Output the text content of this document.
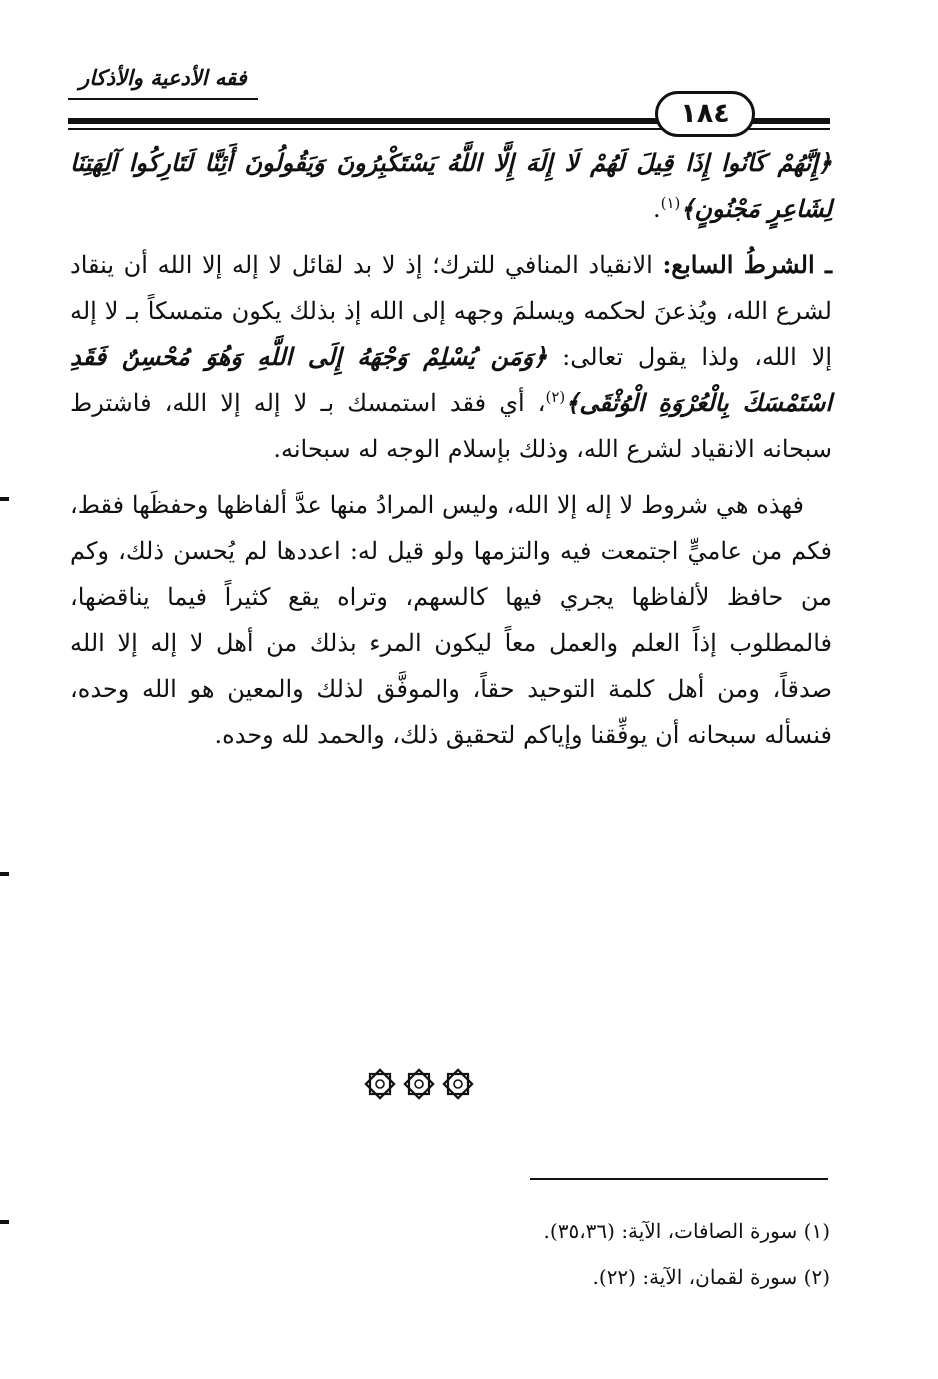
فقه الأدعية والأذكار
١٨٤

﴿إِنَّهُمْ كَانُوا إِذَا قِيلَ لَهُمْ لَا إِلَهَ إِلَّا اللَّهُ يَسْتَكْبِرُونَ وَيَقُولُونَ أَئِنَّا لَتَارِكُوا آلِهَتِنَا لِشَاعِرٍ مَجْنُونٍ﴾$^{(١)}$.

ـ الشرطُ السابع: الانقياد المنافي للترك؛ إذ لا بد لقائل لا إله إلا الله أن ينقاد لشرع الله، ويُذعنَ لحكمه ويسلمَ وجهه إلى الله إذ بذلك يكون متمسكاً بـ لا إله إلا الله، ولذا يقول تعالى: ﴿وَمَن يُسْلِمْ وَجْهَهُ إِلَى اللَّهِ وَهُوَ مُحْسِنٌ فَقَدِ اسْتَمْسَكَ بِالْعُرْوَةِ الْوُثْقَى﴾$^{(٢)}$، أي فقد استمسك بـ لا إله إلا الله، فاشترط سبحانه الانقياد لشرع الله، وذلك بإسلام الوجه له سبحانه.

فهذه هي شروط لا إله إلا الله، وليس المرادُ منها عدَّ ألفاظها وحفظَها فقط، فكم من عاميٍّ اجتمعت فيه والتزمها ولو قيل له: اعددها لم يُحسن ذلك، وكم من حافظ لألفاظها يجري فيها كالسهم، وتراه يقع كثيراً فيما يناقضها، فالمطلوب إذاً العلم والعمل معاً ليكون المرء بذلك من أهل لا إله إلا الله صدقاً، ومن أهل كلمة التوحيد حقاً، والموفَّق لذلك والمعين هو الله وحده، فنسأله سبحانه أن يوفِّقنا وإياكم لتحقيق ذلك، والحمد لله وحده.

(١) سورة الصافات، الآية: (٣٥،٣٦).

(٢) سورة لقمان، الآية: (٢٢).
